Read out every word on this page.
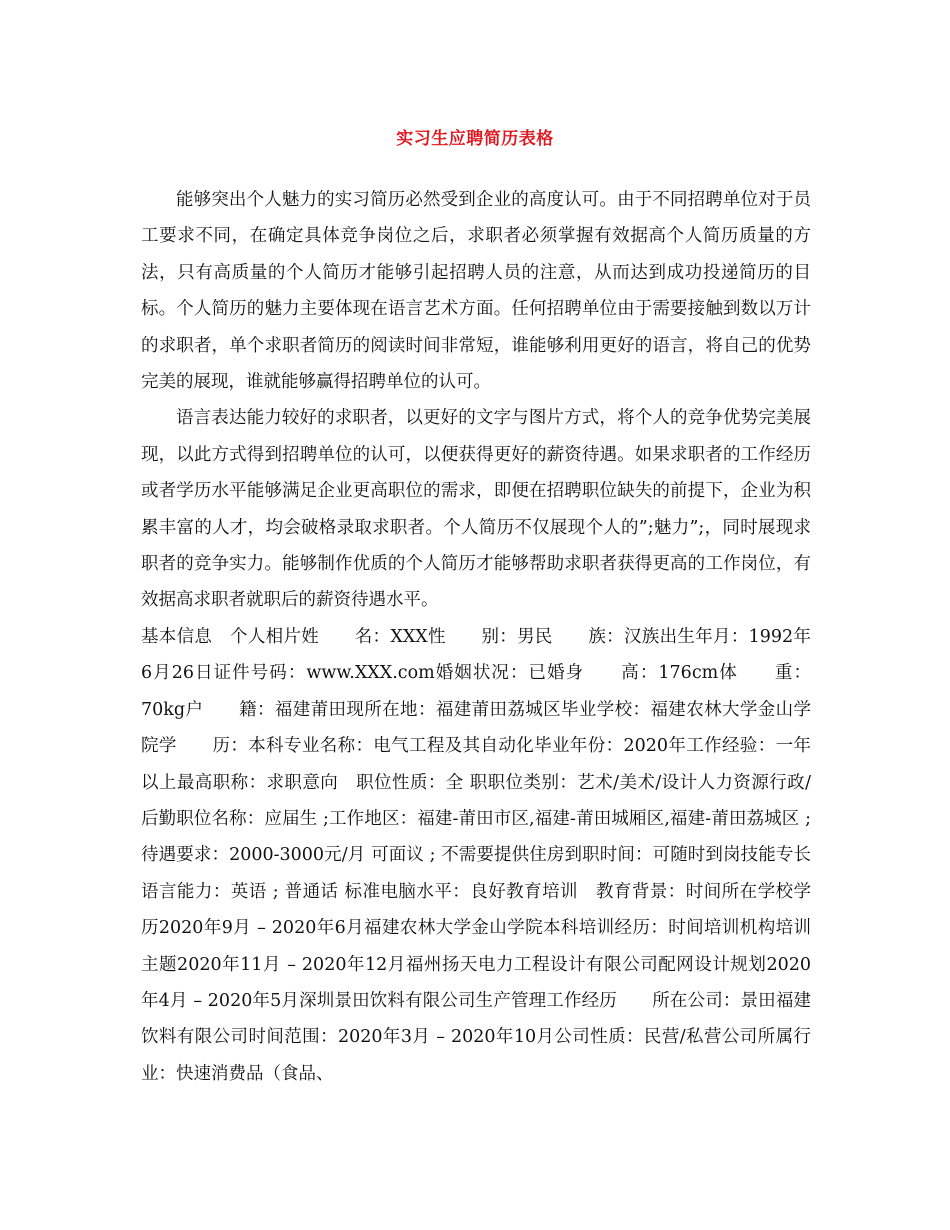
实习生应聘简历表格

能够突出个人魅力的实习简历必然受到企业的高度认可。由于不同招聘单位对于员工要求不同，在确定具体竞争岗位之后，求职者必须掌握有效据高个人简历质量的方法，只有高质量的个人简历才能够引起招聘人员的注意，从而达到成功投递简历的目标。个人简历的魅力主要体现在语言艺术方面。任何招聘单位由于需要接触到数以万计的求职者，单个求职者简历的阅读时间非常短，谁能够利用更好的语言，将自己的优势完美的展现，谁就能够赢得招聘单位的认可。

语言表达能力较好的求职者，以更好的文字与图片方式，将个人的竞争优势完美展现，以此方式得到招聘单位的认可，以便获得更好的薪资待遇。如果求职者的工作经历或者学历水平能够满足企业更高职位的需求，即便在招聘职位缺失的前提下，企业为积累丰富的人才，均会破格录取求职者。个人简历不仅展现个人的”;魅力”;，同时展现求职者的竞争实力。能够制作优质的个人简历才能够帮助求职者获得更高的工作岗位，有效据高求职者就职后的薪资待遇水平。

基本信息　个人相片姓　　名：XXX性　　别：男民　　族：汉族出生年月：1992年6月26日证件号码：www.XXX.com婚姻状况：已婚身　　高：176cm体　　重：70kg户　　籍：福建莆田现所在地：福建莆田荔城区毕业学校：福建农林大学金山学院学　　历：本科专业名称：电气工程及其自动化毕业年份：2020年工作经验：一年以上最高职称：求职意向　职位性质：全 职职位类别：艺术/美术/设计人力资源行政/后勤职位名称：应届生 ;工作地区：福建-莆田市区,福建-莆田城厢区,福建-莆田荔城区 ;待遇要求：2000-3000元/月 可面议 ; 不需要提供住房到职时间：可随时到岗技能专长　语言能力：英语 ; 普通话 标准电脑水平：良好教育培训　教育背景：时间所在学校学历2020年9月 – 2020年6月福建农林大学金山学院本科培训经历：时间培训机构培训主题2020年11月 – 2020年12月福州扬天电力工程设计有限公司配网设计规划2020年4月 – 2020年5月深圳景田饮料有限公司生产管理工作经历　　所在公司：景田福建饮料有限公司时间范围：2020年3月 – 2020年10月公司性质：民营/私营公司所属行业：快速消费品（食品、
